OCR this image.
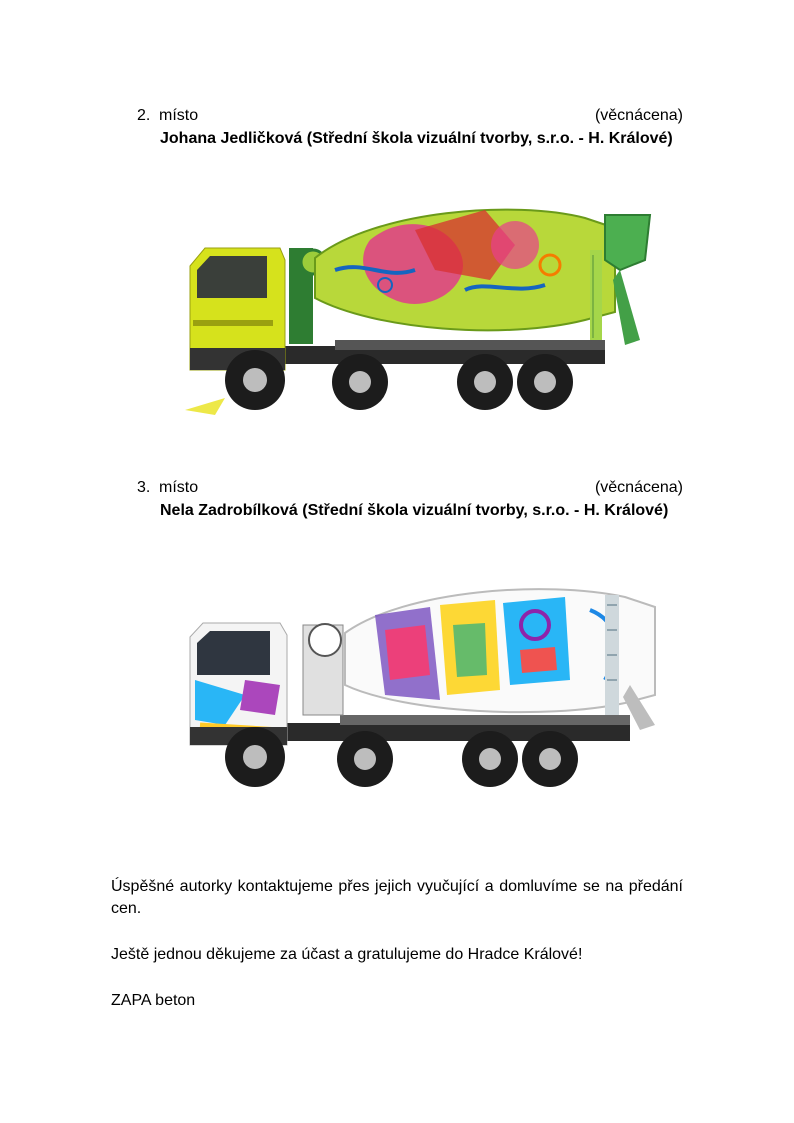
2. místo	(věcnácena)
Johana Jedličková (Střední škola vizuální tvorby, s.r.o. - H. Králové)
3. místo	(věcnácena)
Nela Zadrobílková (Střední škola vizuální tvorby, s.r.o. - H. Králové)
Úspěšné autorky kontaktujeme přes jejich vyučující a domluvíme se na předání cen.
Ještě jednou děkujeme za účast a gratulujeme do Hradce Králové!
ZAPA beton
